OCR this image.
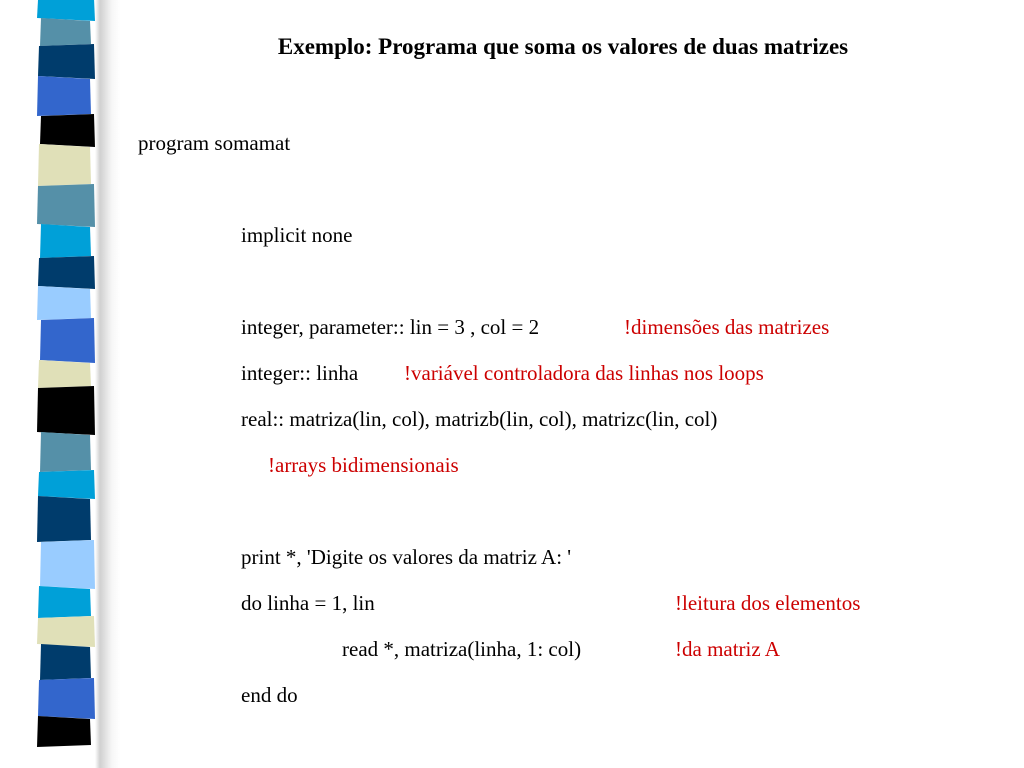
Exemplo: Programa que soma os valores de duas matrizes
program somamat
implicit none
integer, parameter:: lin = 3 , col = 2	!dimensões das matrizes
integer:: linha !variável controladora das linhas nos loops
real:: matriza(lin, col), matrizb(lin, col), matrizc(lin, col)
!arrays bidimensionais
print *, 'Digite os valores da matriz A: '
do linha = 1, lin	!leitura dos elementos
read *, matriza(linha, 1: col)	!da matriz A
end do
